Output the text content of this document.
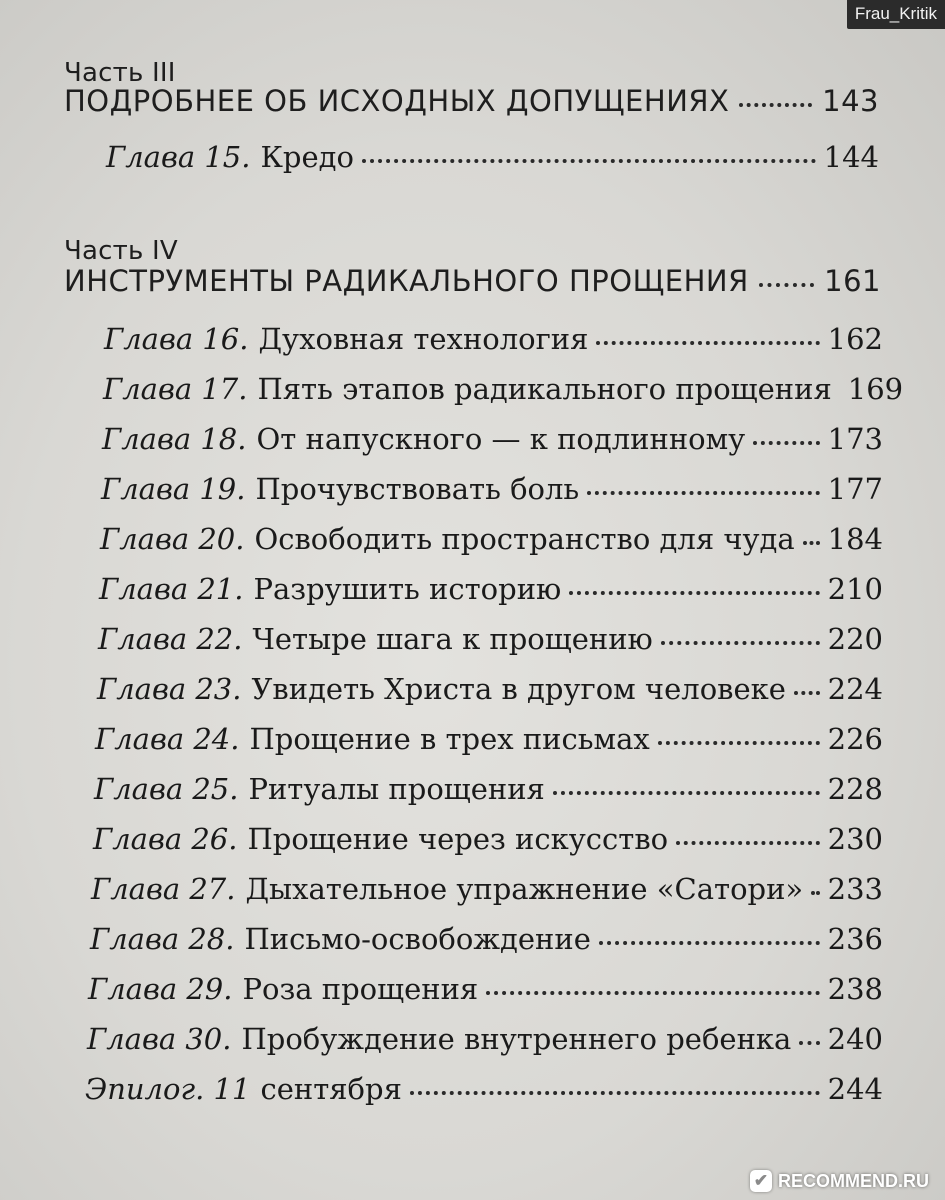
Frau_Kritik
Часть III
ПОДРОБНЕЕ ОБ ИСХОДНЫХ ДОПУЩЕНИЯХ	143
Глава 15. Кредо	144
Часть IV
ИНСТРУМЕНТЫ РАДИКАЛЬНОГО ПРОЩЕНИЯ	161
Глава 16. Духовная технология	162
Глава 17. Пять этапов радикального прощения 169
Глава 18. От напускного — к подлинному	173
Глава 19. Прочувствовать боль	177
Глава 20. Освободить пространство для чуда 184
Глава 21. Разрушить историю	210
Глава 22. Четыре шага к прощению	220
Глава 23. Увидеть Христа в другом человеке 224
Глава 24. Прощение в трех письмах	226
Глава 25. Ритуалы прощения	228
Глава 26. Прощение через искусство	230
Глава 27. Дыхательное упражнение «Сатори» 233
Глава 28. Письмо-освобождение	236
Глава 29. Роза прощения	238
Глава 30. Пробуждение внутреннего ребенка 240
Эпилог. 11 сентября	244
✔ RECOMMEND.RU
